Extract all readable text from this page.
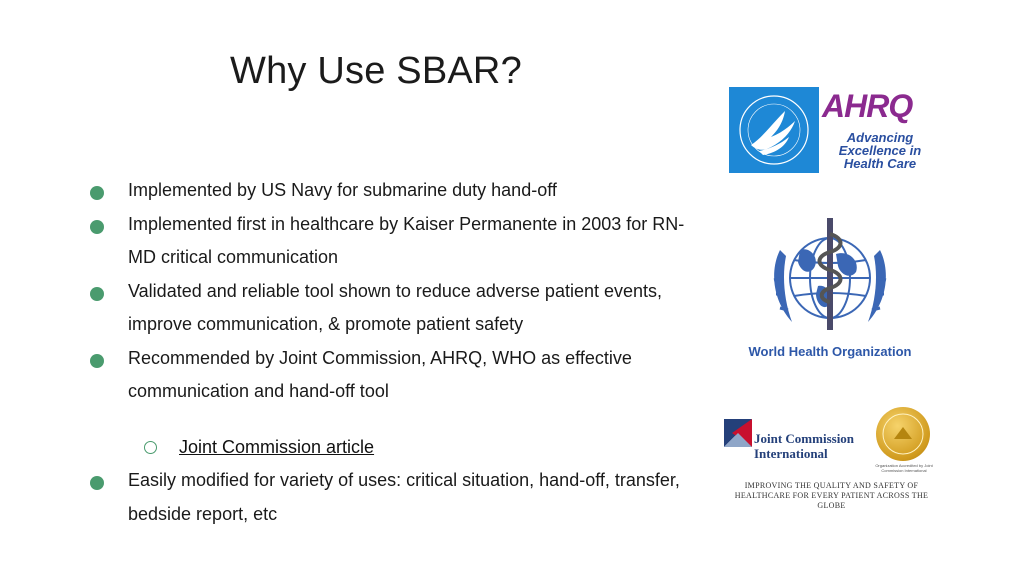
Why Use SBAR?
Implemented by US Navy for submarine duty hand-off
Implemented first in healthcare by Kaiser Permanente in 2003 for RN-MD critical communication
Validated and reliable tool shown to reduce adverse patient events, improve communication, & promote patient safety
Recommended by Joint Commission, AHRQ, WHO as effective communication and hand-off tool
Joint Commission article
Easily modified for variety of uses: critical situation, hand-off, transfer, bedside report, etc
AHRQ
Advancing Excellence in Health Care
World Health Organization
Joint Commission
International
Organization Accredited by Joint Commission International
IMPROVING THE QUALITY AND SAFETY OF
HEALTHCARE FOR EVERY PATIENT ACROSS THE GLOBE
